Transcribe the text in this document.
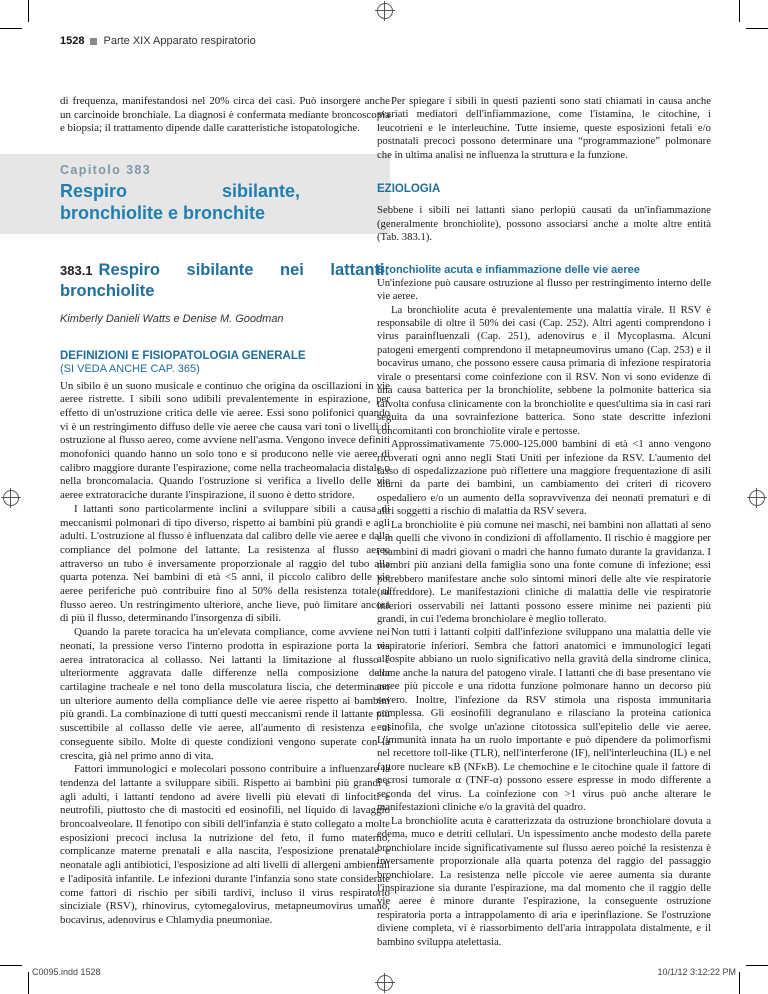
1528 Parte XIX Apparato respiratorio

di frequenza, manifestandosi nel 20% circa dei casi. Può insorgere anche un carcinoide bronchiale. La diagnosi è confermata mediante broncoscopia e biopsia; il trattamento dipende dalle caratteristiche istopatologiche.

Capitolo 383
Respiro sibilante, bronchiolite e bronchite
383.1 Respiro sibilante nei lattanti: bronchiolite
Kimberly Danieli Watts e Denise M. Goodman
DEFINIZIONI E FISIOPATOLOGIA GENERALE
(SI VEDA ANCHE CAP. 365)

Un sibilo è un suono musicale e continuo che origina da oscillazioni in vie aeree ristrette. I sibili sono udibili prevalentemente in espirazione, per effetto di un'ostruzione critica delle vie aeree. Essi sono polifonici quando vi è un restringimento diffuso delle vie aeree che causa vari toni o livelli di ostruzione al flusso aereo, come avviene nell'asma. Vengono invece definiti monofonici quando hanno un solo tono e si producono nelle vie aeree di calibro maggiore durante l'espirazione, come nella tracheomalacia distale o nella broncomalacia. Quando l'ostruzione si verifica a livello delle vie aeree extratoraciche durante l'inspirazione, il suono è detto stridore.

I lattanti sono particolarmente inclini a sviluppare sibili a causa di meccanismi polmonari di tipo diverso, rispetto ai bambini più grandi e agli adulti. L'ostruzione al flusso è influenzata dal calibro delle vie aeree e dalla compliance del polmone del lattante. La resistenza al flusso aereo attraverso un tubo è inversamente proporzionale al raggio del tubo alla quarta potenza. Nei bambini di età <5 anni, il piccolo calibro delle vie aeree periferiche può contribuire fino al 50% della resistenza totale al flusso aereo. Un restringimento ulteriore, anche lieve, può limitare ancora di più il flusso, determinando l'insorgenza di sibili.

Quando la parete toracica ha un'elevata compliance, come avviene nei neonati, la pressione verso l'interno prodotta in espirazione porta la via aerea intratoracica al collasso. Nei lattanti la limitazione al flusso è ulteriormente aggravata dalle differenze nella composizione della cartilagine tracheale e nel tono della muscolatura liscia, che determinano un ulteriore aumento della compliance delle vie aeree rispetto ai bambini più grandi. La combinazione di tutti questi meccanismi rende il lattante più suscettibile al collasso delle vie aeree, all'aumento di resistenza e al conseguente sibilo. Molte di queste condizioni vengono superate con la crescita, già nel primo anno di vita.

Fattori immunologici e molecolari possono contribuire a influenzare la tendenza del lattante a sviluppare sibili. Rispetto ai bambini più grandi e agli adulti, i lattanti tendono ad avere livelli più elevati di linfociti e neutrofili, piuttosto che di mastociti ed eosinofili, nel liquido di lavaggio broncoalveolare. Il fenotipo con sibili dell'infanzia è stato collegato a molte esposizioni precoci inclusa la nutrizione del feto, il fumo materno, complicanze materne prenatali e alla nascita, l'esposizione prenatale e neonatale agli antibiotici, l'esposizione ad alti livelli di allergeni ambientali e l'adiposità infantile. Le infezioni durante l'infanzia sono state considerate come fattori di rischio per sibili tardivi, incluso il virus respiratorio sinciziale (RSV), rhinovirus, cytomegalovirus, metapneumovirus umano, bocavirus, adenovirus e Chlamydia pneumoniae.

Per spiegare i sibili in questi pazienti sono stati chiamati in causa anche svariati mediatori dell'infiammazione, come l'istamina, le citochine, i leucotrieni e le interleuchine. Tutte insieme, queste esposizioni fetali e/o postnatali precoci possono determinare una “programmazione” polmonare che in ultima analisi ne influenza la struttura e la funzione.

EZIOLOGIA

Sebbene i sibili nei lattanti siano perlopiù causati da un'infiammazione (generalmente bronchiolite), possono associarsi anche a molte altre entità (Tab. 383.1).

Bronchiolite acuta e infiammazione delle vie aeree

Un'infezione può causare ostruzione al flusso per restringimento interno delle vie aeree.

La bronchiolite acuta è prevalentemente una malattia virale. Il RSV è responsabile di oltre il 50% dei casi (Cap. 252). Altri agenti comprendono i virus parainfluenzali (Cap. 251), adenovirus e il Mycoplasma. Alcuni patogeni emergenti comprendono il metapneumovirus umano (Cap. 253) e il bocavirus umano, che possono essere causa primaria di infezione respiratoria virale o presentarsi come coinfezione con il RSV. Non vi sono evidenze di una causa batterica per la bronchiolite, sebbene la polmonite batterica sia talvolta confusa clinicamente con la bronchiolite e quest'ultima sia in casi rari seguita da una sovrainfezione batterica. Sono state descritte infezioni concomitanti con bronchiolite virale e pertosse.

Approssimativamente 75.000-125.000 bambini di età <1 anno vengono ricoverati ogni anno negli Stati Uniti per infezione da RSV. L'aumento del tasso di ospedalizzazione può riflettere una maggiore frequentazione di asili diurni da parte dei bambini, un cambiamento dei criteri di ricovero ospedaliero e/o un aumento della sopravvivenza dei neonati prematuri e di altri soggetti a rischio di malattia da RSV severa.

La bronchiolite è più comune nei maschi, nei bambini non allattati al seno e in quelli che vivono in condizioni di affollamento. Il rischio è maggiore per i bambini di madri giovani o madri che hanno fumato durante la gravidanza. I membri più anziani della famiglia sono una fonte comune di infezione; essi potrebbero manifestare anche solo sintomi minori delle alte vie respiratorie (raffreddore). Le manifestazioni cliniche di malattia delle vie respiratorie inferiori osservabili nei lattanti possono essere minime nei pazienti più grandi, in cui l'edema bronchiolare è meglio tollerato.

Non tutti i lattanti colpiti dall'infezione sviluppano una malattia delle vie respiratorie inferiori. Sembra che fattori anatomici e immunologici legati all'ospite abbiano un ruolo significativo nella gravità della sindrome clinica, come anche la natura del patogeno virale. I lattanti che di base presentano vie aeree più piccole e una ridotta funzione polmonare hanno un decorso più severo. Inoltre, l'infezione da RSV stimola una risposta immunitaria complessa. Gli eosinofili degranulano e rilasciano la proteina cationica eosinofila, che svolge un'azione citotossica sull'epitelio delle vie aeree. L'immunità innata ha un ruolo importante e può dipendere da polimorfismi nel recettore toll-like (TLR), nell'interferone (IF), nell'interleuchina (IL) e nel fattore nucleare κB (NFκB). Le chemochine e le citochine quale il fattore di necrosi tumorale α (TNF-α) possono essere espresse in modo differente a seconda del virus. La coinfezione con >1 virus può anche alterare le manifestazioni cliniche e/o la gravità del quadro.

La bronchiolite acuta è caratterizzata da ostruzione bronchiolare dovuta a edema, muco e detriti cellulari. Un ispessimento anche modesto della parete bronchiolare incide significativamente sul flusso aereo poiché la resistenza è inversamente proporzionale alla quarta potenza del raggio del passaggio bronchiolare. La resistenza nelle piccole vie aeree aumenta sia durante l'inspirazione sia durante l'espirazione, ma dal momento che il raggio delle vie aeree è minore durante l'espirazione, la conseguente ostruzione respiratoria porta a intrappolamento di aria e iperinflazione. Se l'ostruzione diviene completa, vi è riassorbimento dell'aria intrappolata distalmente, e il bambino sviluppa atelettasia.

C0095.indd 1528	10/1/12 3:12:22 PM
